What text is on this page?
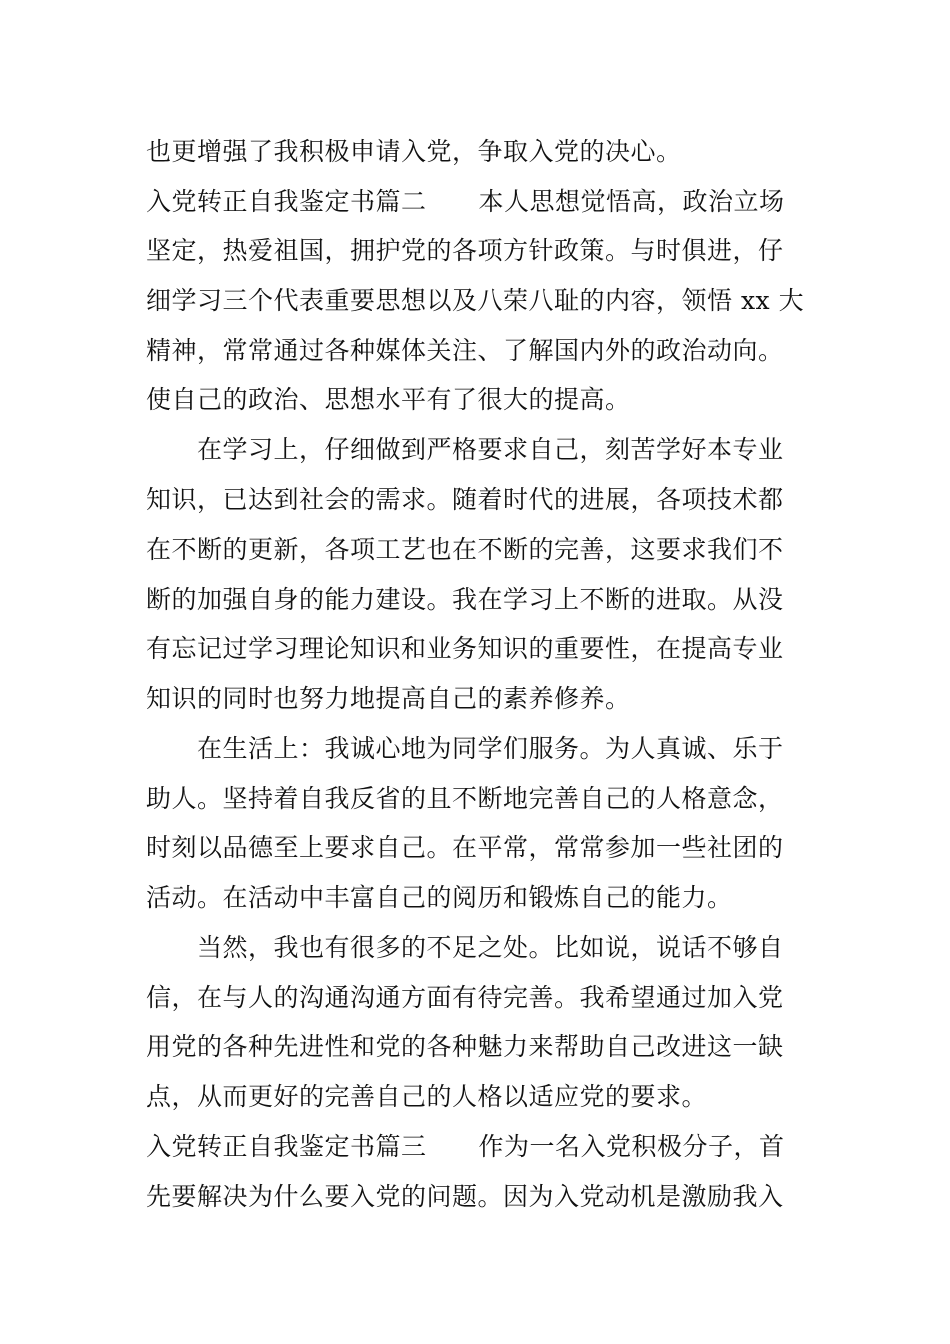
也更增强了我积极申请入党，争取入党的决心。
入党转正自我鉴定书篇二 本人思想觉悟高，政治立场
坚定，热爱祖国，拥护党的各项方针政策。与时俱进，仔
细学习三个代表重要思想以及八荣八耻的内容，领悟 xx 大
精神，常常通过各种媒体关注、了解国内外的政治动向。
使自己的政治、思想水平有了很大的提高。
在学习上，仔细做到严格要求自己，刻苦学好本专业
知识，已达到社会的需求。随着时代的进展，各项技术都
在不断的更新，各项工艺也在不断的完善，这要求我们不
断的加强自身的能力建设。我在学习上不断的进取。从没
有忘记过学习理论知识和业务知识的重要性，在提高专业
知识的同时也努力地提高自己的素养修养。
在生活上：我诚心地为同学们服务。为人真诚、乐于
助人。坚持着自我反省的且不断地完善自己的人格意念，
时刻以品德至上要求自己。在平常，常常参加一些社团的
活动。在活动中丰富自己的阅历和锻炼自己的能力。
当然，我也有很多的不足之处。比如说，说话不够自
信，在与人的沟通沟通方面有待完善。我希望通过加入党
用党的各种先进性和党的各种魅力来帮助自己改进这一缺
点，从而更好的完善自己的人格以适应党的要求。
入党转正自我鉴定书篇三 作为一名入党积极分子，首
先要解决为什么要入党的问题。因为入党动机是激励我入
